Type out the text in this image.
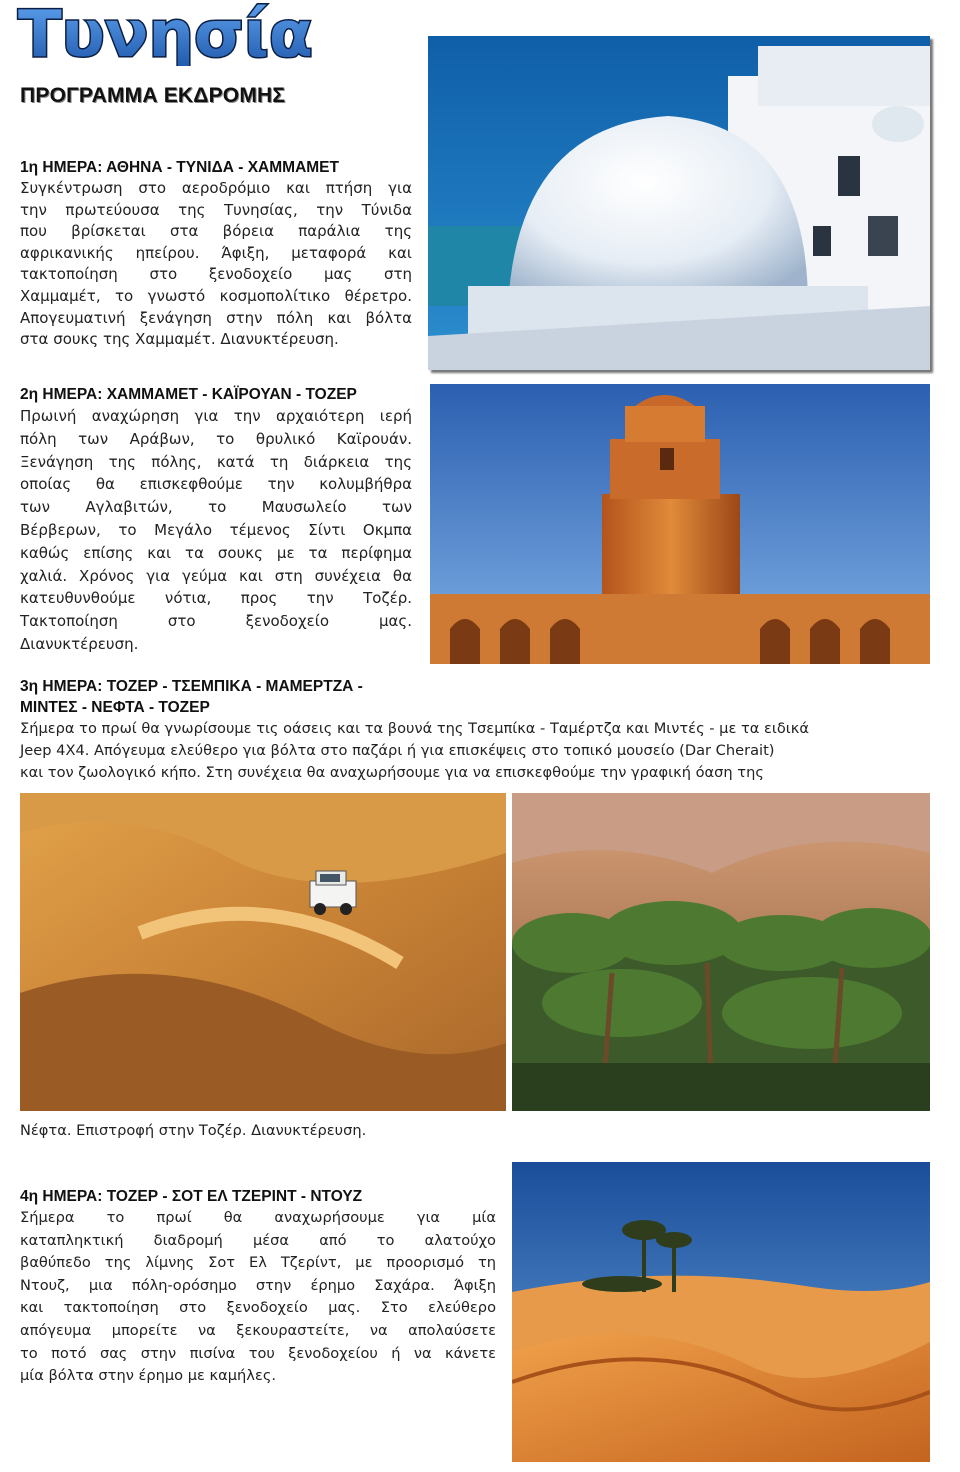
Τυνησία
ΠΡΟΓΡΑΜΜΑ ΕΚΔΡΟΜΗΣ
1η ΗΜΕΡΑ: ΑΘΗΝΑ - ΤΥΝΙΔΑ - ΧΑΜΜΑΜΕΤ
Συγκέντρωση στο αεροδρόμιο και πτήση για
την πρωτεύουσα της Τυνησίας, την Τύνιδα
που βρίσκεται στα βόρεια παράλια της
αφρικανικής ηπείρου. Άφιξη, μεταφορά και
τακτοποίηση στο ξενοδοχείο μας στη
Χαμμαμέτ, το γνωστό κοσμοπολίτικο θέρετρο.
Απογευματινή ξενάγηση στην πόλη και βόλτα
στα σουκς της Χαμμαμέτ. Διανυκτέρευση.
2η ΗΜΕΡΑ: ΧΑΜΜΑΜΕΤ - ΚΑΪΡΟΥΑΝ - ΤΟΖΕΡ
Πρωινή αναχώρηση για την αρχαιότερη ιερή
πόλη των Αράβων, το θρυλικό Καϊρουάν.
Ξενάγηση της πόλης, κατά τη διάρκεια της
οποίας θα επισκεφθούμε την κολυμβήθρα
των Αγλαβιτών, το Μαυσωλείο των
Βέρβερων, το Μεγάλο τέμενος Σίντι Οκμπα
καθώς επίσης και τα σουκς με τα περίφημα
χαλιά. Χρόνος για γεύμα και στη συνέχεια θα
κατευθυνθούμε νότια, προς την Τοζέρ.
Τακτοποίηση στο ξενοδοχείο μας.
Διανυκτέρευση.
3η ΗΜΕΡΑ: ΤΟΖΕΡ - ΤΣΕΜΠΙΚΑ - ΜΑΜΕΡΤΖΑ -
ΜΙΝΤΕΣ - ΝΕΦΤΑ - ΤΟΖΕΡ
Σήμερα το πρωί θα γνωρίσουμε τις οάσεις και τα βουνά της Τσεμπίκα - Ταμέρτζα και Μιντές - με τα ειδικά
Jeep 4X4. Απόγευμα ελεύθερο για βόλτα στο παζάρι ή για επισκέψεις στο τοπικό μουσείο (Dar Cherait)
και τον ζωολογικό κήπο. Στη συνέχεια θα αναχωρήσουμε για να επισκεφθούμε την γραφική όαση της
Νέφτα. Επιστροφή στην Τοζέρ. Διανυκτέρευση.
4η ΗΜΕΡΑ: ΤΟΖΕΡ - ΣΟΤ ΕΛ ΤΖΕΡΙΝΤ - ΝΤΟΥΖ
Σήμερα το πρωί θα αναχωρήσουμε για μία
καταπληκτική διαδρομή μέσα από το αλατούχο
βαθύπεδο της λίμνης Σοτ Ελ Τζερίντ, με προορισμό τη
Ντουζ, μια πόλη-ορόσημο στην έρημο Σαχάρα. Άφιξη
και τακτοποίηση στο ξενοδοχείο μας. Στο ελεύθερο
απόγευμα μπορείτε να ξεκουραστείτε, να απολαύσετε
το ποτό σας στην πισίνα του ξενοδοχείου ή να κάνετε
μία βόλτα στην έρημο με καμήλες.
